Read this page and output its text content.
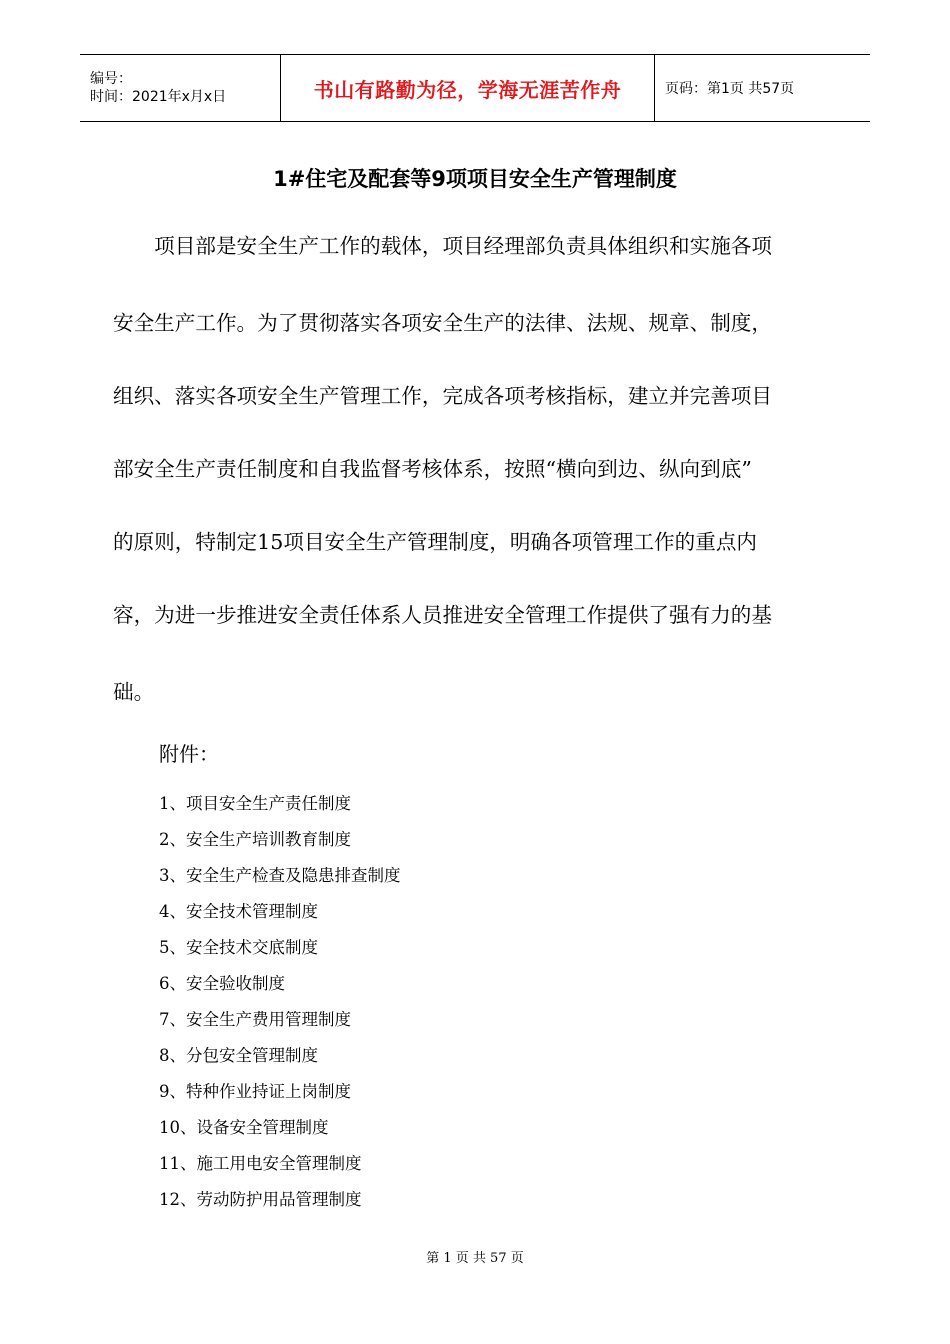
编号：
时间：2021年x月x日	书山有路勤为径，学海无涯苦作舟	页码：第1页 共57页
1#住宅及配套等9项项目安全生产管理制度
　　项目部是安全生产工作的载体，项目经理部负责具体组织和实施各项
安全生产工作。为了贯彻落实各项安全生产的法律、法规、规章、制度，
组织、落实各项安全生产管理工作，完成各项考核指标，建立并完善项目
部安全生产责任制度和自我监督考核体系，按照“横向到边、纵向到底”
的原则，特制定15项目安全生产管理制度，明确各项管理工作的重点内
容，为进一步推进安全责任体系人员推进安全管理工作提供了强有力的基
础。
附件：
1、项目安全生产责任制度
2、安全生产培训教育制度
3、安全生产检查及隐患排查制度
4、安全技术管理制度
5、安全技术交底制度
6、安全验收制度
7、安全生产费用管理制度
8、分包安全管理制度
9、特种作业持证上岗制度
10、设备安全管理制度
11、施工用电安全管理制度
12、劳动防护用品管理制度
第 1 页 共 57 页
